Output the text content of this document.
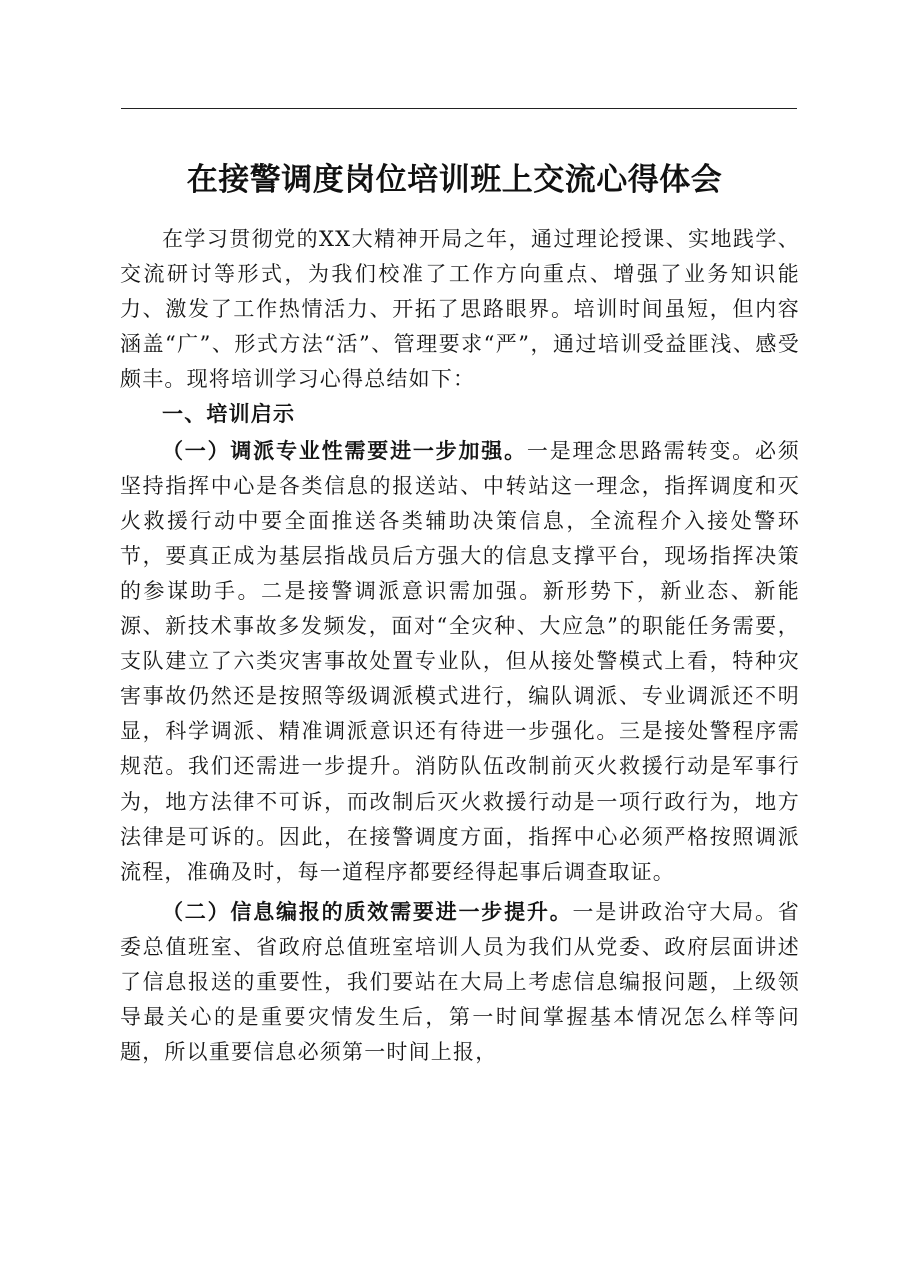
在接警调度岗位培训班上交流心得体会

在学习贯彻党的XX大精神开局之年，通过理论授课、实地践学、交流研讨等形式，为我们校准了工作方向重点、增强了业务知识能力、激发了工作热情活力、开拓了思路眼界。培训时间虽短，但内容涵盖“广”、形式方法“活”、管理要求“严”，通过培训受益匪浅、感受颇丰。现将培训学习心得总结如下：

一、培训启示

（一）调派专业性需要进一步加强。一是理念思路需转变。必须坚持指挥中心是各类信息的报送站、中转站这一理念，指挥调度和灭火救援行动中要全面推送各类辅助决策信息，全流程介入接处警环节，要真正成为基层指战员后方强大的信息支撑平台，现场指挥决策的参谋助手。二是接警调派意识需加强。新形势下，新业态、新能源、新技术事故多发频发，面对“全灾种、大应急”的职能任务需要，支队建立了六类灾害事故处置专业队，但从接处警模式上看，特种灾害事故仍然还是按照等级调派模式进行，编队调派、专业调派还不明显，科学调派、精准调派意识还有待进一步强化。三是接处警程序需规范。我们还需进一步提升。消防队伍改制前灭火救援行动是军事行为，地方法律不可诉，而改制后灭火救援行动是一项行政行为，地方法律是可诉的。因此，在接警调度方面，指挥中心必须严格按照调派流程，准确及时，每一道程序都要经得起事后调查取证。

（二）信息编报的质效需要进一步提升。一是讲政治守大局。省委总值班室、省政府总值班室培训人员为我们从党委、政府层面讲述了信息报送的重要性，我们要站在大局上考虑信息编报问题，上级领导最关心的是重要灾情发生后，第一时间掌握基本情况怎么样等问题，所以重要信息必须第一时间上报，
